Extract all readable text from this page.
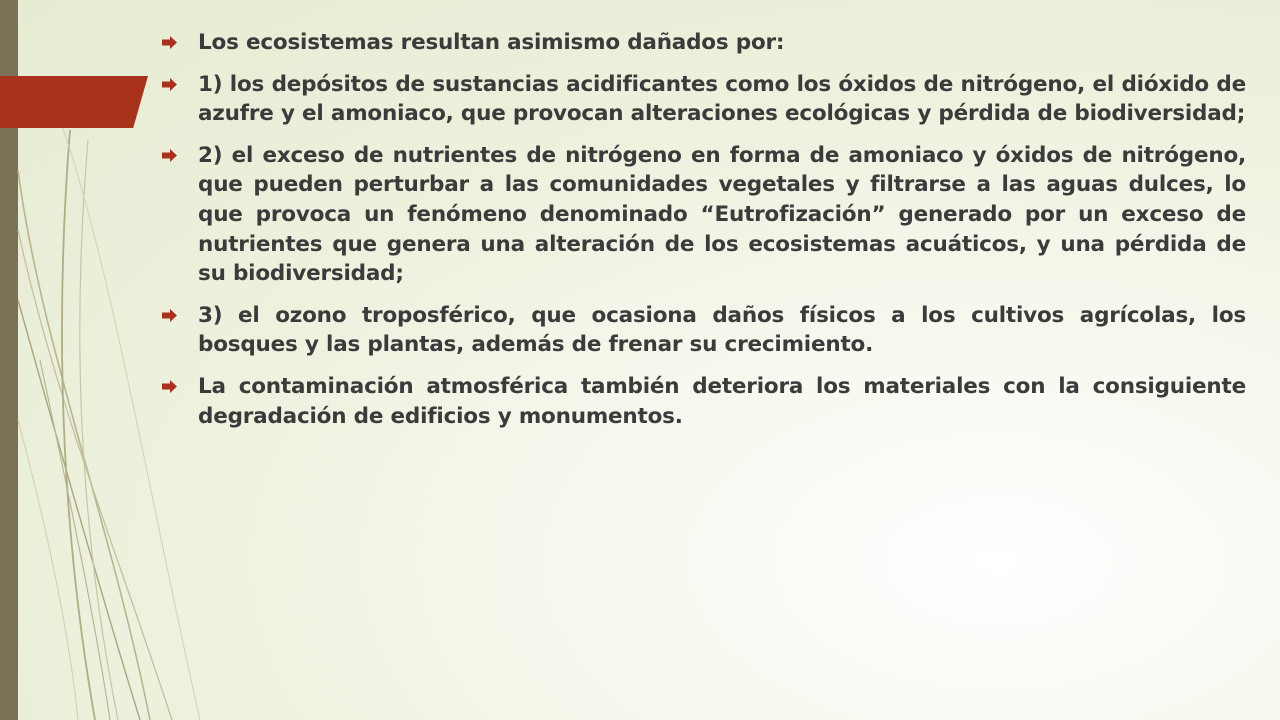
Los ecosistemas resultan asimismo dañados por:
1) los depósitos de sustancias acidificantes como los óxidos de nitrógeno, el dióxido de azufre y el amoniaco, que provocan alteraciones ecológicas y pérdida de biodiversidad;
2) el exceso de nutrientes de nitrógeno en forma de amoniaco y óxidos de nitrógeno, que pueden perturbar a las comunidades vegetales y filtrarse a las aguas dulces, lo que provoca un fenómeno denominado “Eutrofización” generado por un exceso de nutrientes que genera una alteración de los ecosistemas acuáticos, y una pérdida de su biodiversidad;
3) el ozono troposférico, que ocasiona daños físicos a los cultivos agrícolas, los bosques y las plantas, además de frenar su crecimiento.
La contaminación atmosférica también deteriora los materiales con la consiguiente degradación de edificios y monumentos.
